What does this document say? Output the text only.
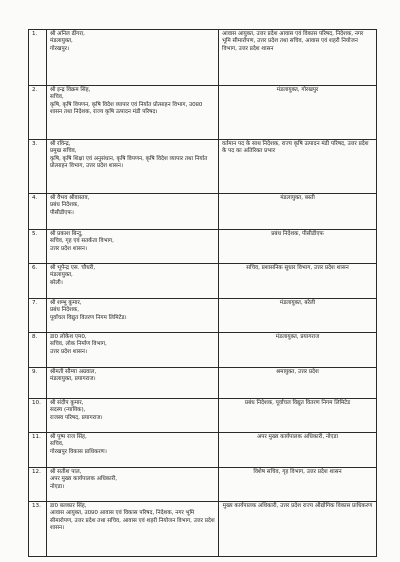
1.	श्री अनिल ढींगरा,
मंडलायुक्त,
गोरखपुर।	आवास आयुक्त, उत्तर प्रदेश आवास एवं विकास परिषद, निदेशक, नगर भूमि सीमारोपण, उत्तर प्रदेश तथा सचिव, आवास एवं शहरी नियोजन विभाग, उत्तर प्रदेश शासन
2.	श्री इन्द्र विक्रम सिंह,
सचिव,
कृषि, कृषि विपणन, कृषि विदेश व्यापार एवं निर्यात प्रोत्साहन विभाग, उ0प्र0 शासन तथा निदेशक, राज्य कृषि उत्पादन मंडी परिषद।	मंडलायुक्त, गोरखपुर
3.	श्री रविन्द्र,
प्रमुख सचिव,
कृषि, कृषि शिक्षा एवं अनुसंधान, कृषि विपणन, कृषि विदेश व्यापार तथा निर्यात प्रोत्साहन विभाग, उत्तर प्रदेश शासन।	वर्तमान पद के साथ निदेशक, राज्य कृषि उत्पादन मंडी परिषद, उत्तर प्रदेश के पद का अतिरिक्त प्रभार
4.	श्री वैभव श्रीवास्तव,
प्रबंध निदेशक,
पीसीडीएफ।	मंडलायुक्त, बस्ती
5.	श्री प्रकाश बिन्दु,
सचिव, गृह एवं सतर्कता विभाग,
उत्तर प्रदेश शासन।	प्रबंध निदेशक, पीसीडीएफ
6.	श्री भूपेन्द्र एस. चौधरी,
मंडलायुक्त,
बरेली।	सचिव, प्रशासनिक सुधार विभाग, उत्तर प्रदेश शासन
7.	श्री शम्भु कुमार,
प्रबंध निदेशक,
पूर्वांचल विद्युत वितरण निगम लिमिटेड।	मंडलायुक्त, बरेली
8.	डा0 लोकेश एम0,
सचिव, लोक निर्माण विभाग,
उत्तर प्रदेश शासन।	मंडलायुक्त, प्रयागराज
9.	श्रीमती सौम्या अग्रवाल,
मंडलायुक्त, प्रयागराज।	श्रमायुक्त, उत्तर प्रदेश
10.	श्री संदीप कुमार,
सदस्य (न्यायिक),
राजस्व परिषद, प्रयागराज।	प्रबंध निदेशक, पूर्वांचल विद्युत वितरण निगम लिमिटेड
11.	श्री पुष्प राज सिंह,
सचिव,
गोरखपुर विकास प्राधिकरण।	अपर मुख्य कार्यपालक अधिकारी, नोएडा
12.	श्री सतीश पाल,
अपर मुख्य कार्यपालक अधिकारी,
नोएडा।	विशेष सचिव, गृह विभाग, उत्तर प्रदेश शासन
13.	डा0 बलकार सिंह,
आवास आयुक्त, उ0प्र0 आवास एवं विकास परिषद, निदेशक, नगर भूमि सीमारोपण, उत्तर प्रदेश तथा सचिव, आवास एवं शहरी नियोजन विभाग, उत्तर प्रदेश शासन।	मुख्य कार्यपालक अधिकारी, उत्तर प्रदेश राज्य औद्योगिक विकास प्राधिकरण
